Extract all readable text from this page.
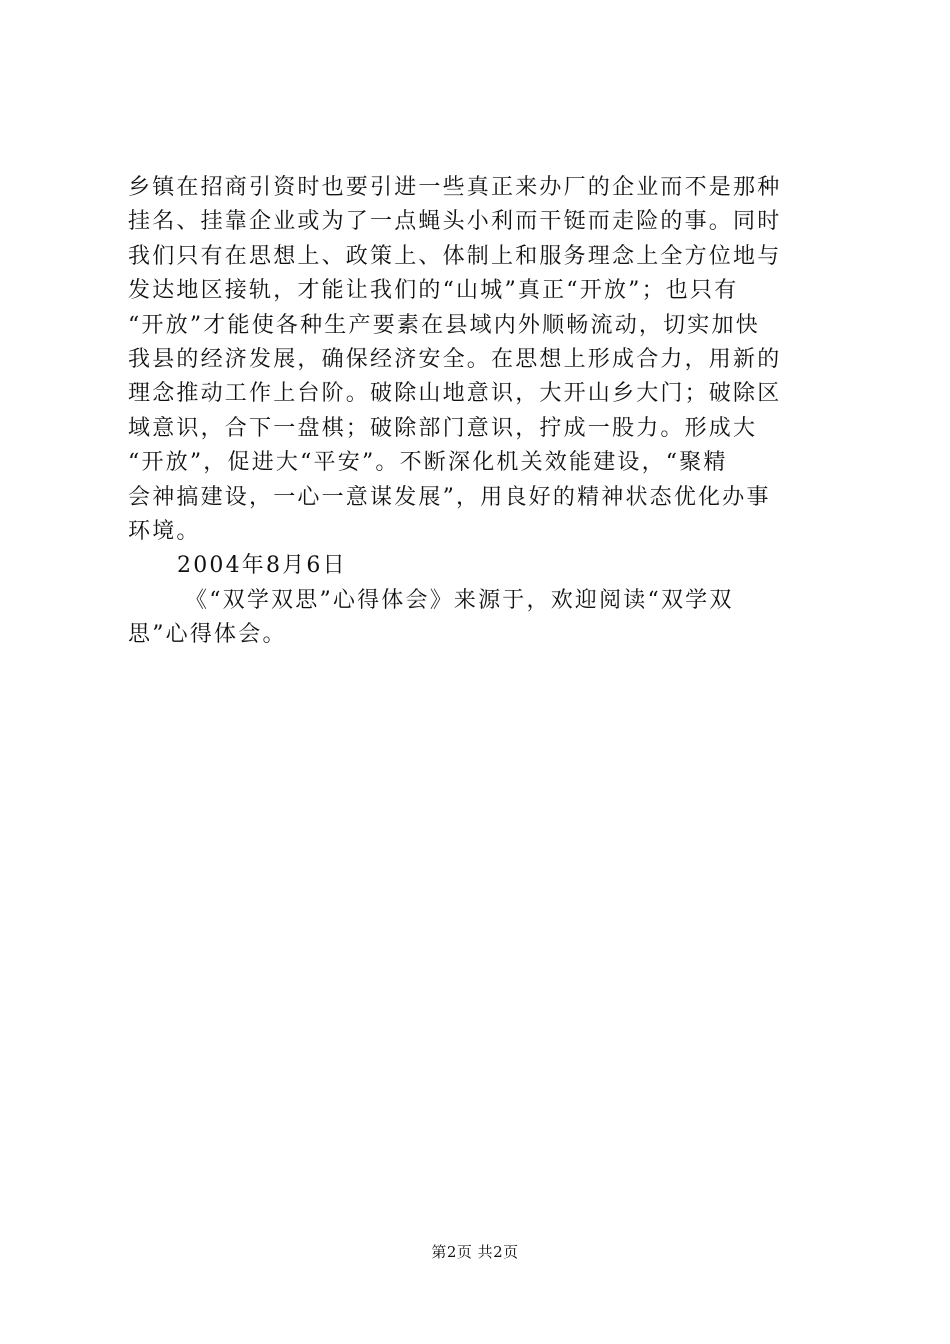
乡镇在招商引资时也要引进一些真正来办厂的企业而不是那种
挂名、挂靠企业或为了一点蝇头小利而干铤而走险的事。同时
我们只有在思想上、政策上、体制上和服务理念上全方位地与
发达地区接轨，才能让我们的“山城”真正“开放”；也只有
“开放”才能使各种生产要素在县域内外顺畅流动，切实加快
我县的经济发展，确保经济安全。在思想上形成合力，用新的
理念推动工作上台阶。破除山地意识，大开山乡大门；破除区
域意识，合下一盘棋；破除部门意识，拧成一股力。形成大
“开放”，促进大“平安”。不断深化机关效能建设，“聚精
会神搞建设，一心一意谋发展”，用良好的精神状态优化办事
环境。
2004年8月6日
《“双学双思”心得体会》来源于，欢迎阅读“双学双
思”心得体会。
第2页 共2页
